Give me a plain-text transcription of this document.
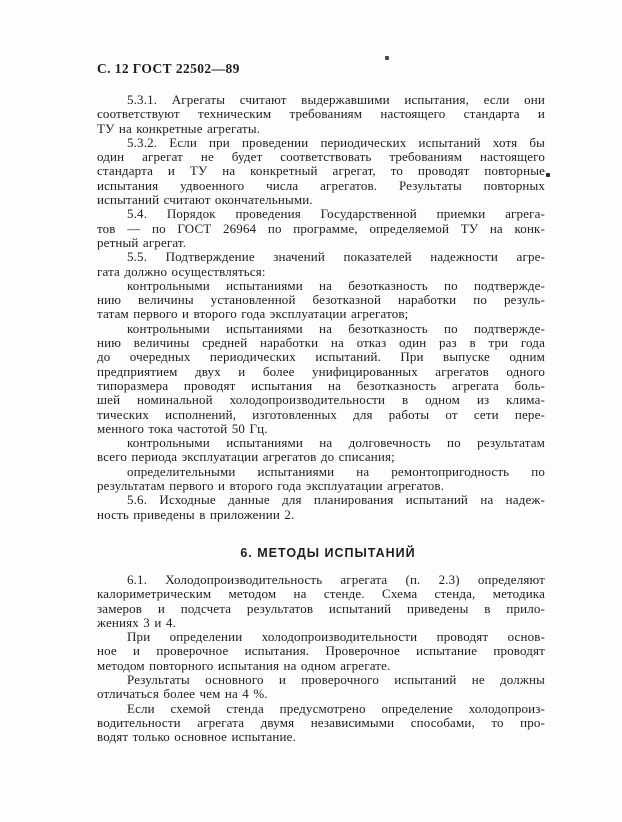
С. 12 ГОСТ 22502—89
5.3.1. Агрегаты считают выдержавшими испытания, если они
соответствуют техническим требованиям настоящего стандарта и
ТУ на конкретные агрегаты.
5.3.2. Если при проведении периодических испытаний хотя бы
один агрегат не будет соответствовать требованиям настоящего
стандарта и ТУ на конкретный агрегат, то проводят повторные
испытания удвоенного числа агрегатов. Результаты повторных
испытаний считают окончательными.
5.4. Порядок проведения Государственной приемки агрега-
тов — по ГОСТ 26964 по программе, определяемой ТУ на конк-
ретный агрегат.
5.5. Подтверждение значений показателей надежности агре-
гата должно осуществляться:
контрольными испытаниями на безотказность по подтвержде-
нию величины установленной безотказной наработки по резуль-
татам первого и второго года эксплуатации агрегатов;
контрольными испытаниями на безотказность по подтвержде-
нию величины средней наработки на отказ один раз в три года
до очередных периодических испытаний. При выпуске одним
предприятием двух и более унифицированных агрегатов одного
типоразмера проводят испытания на безотказность агрегата боль-
шей номинальной холодопроизводительности в одном из клима-
тических исполнений, изготовленных для работы от сети пере-
менного тока частотой 50 Гц.
контрольными испытаниями на долговечность по результатам
всего периода эксплуатации агрегатов до списания;
определительными испытаниями на ремонтопригодность по
результатам первого и второго года эксплуатации агрегатов.
5.6. Исходные данные для планирования испытаний на надеж-
ность приведены в приложении 2.
6. МЕТОДЫ ИСПЫТАНИЙ
6.1. Холодопроизводительность агрегата (п. 2.3) определяют
калориметрическим методом на стенде. Схема стенда, методика
замеров и подсчета результатов испытаний приведены в прило-
жениях 3 и 4.
При определении холодопроизводительности проводят основ-
ное и проверочное испытания. Проверочное испытание проводят
методом повторного испытания на одном агрегате.
Результаты основного и проверочного испытаний не должны
отличаться более чем на 4 %.
Если схемой стенда предусмотрено определение холодопроиз-
водительности агрегата двумя независимыми способами, то про-
водят только основное испытание.
